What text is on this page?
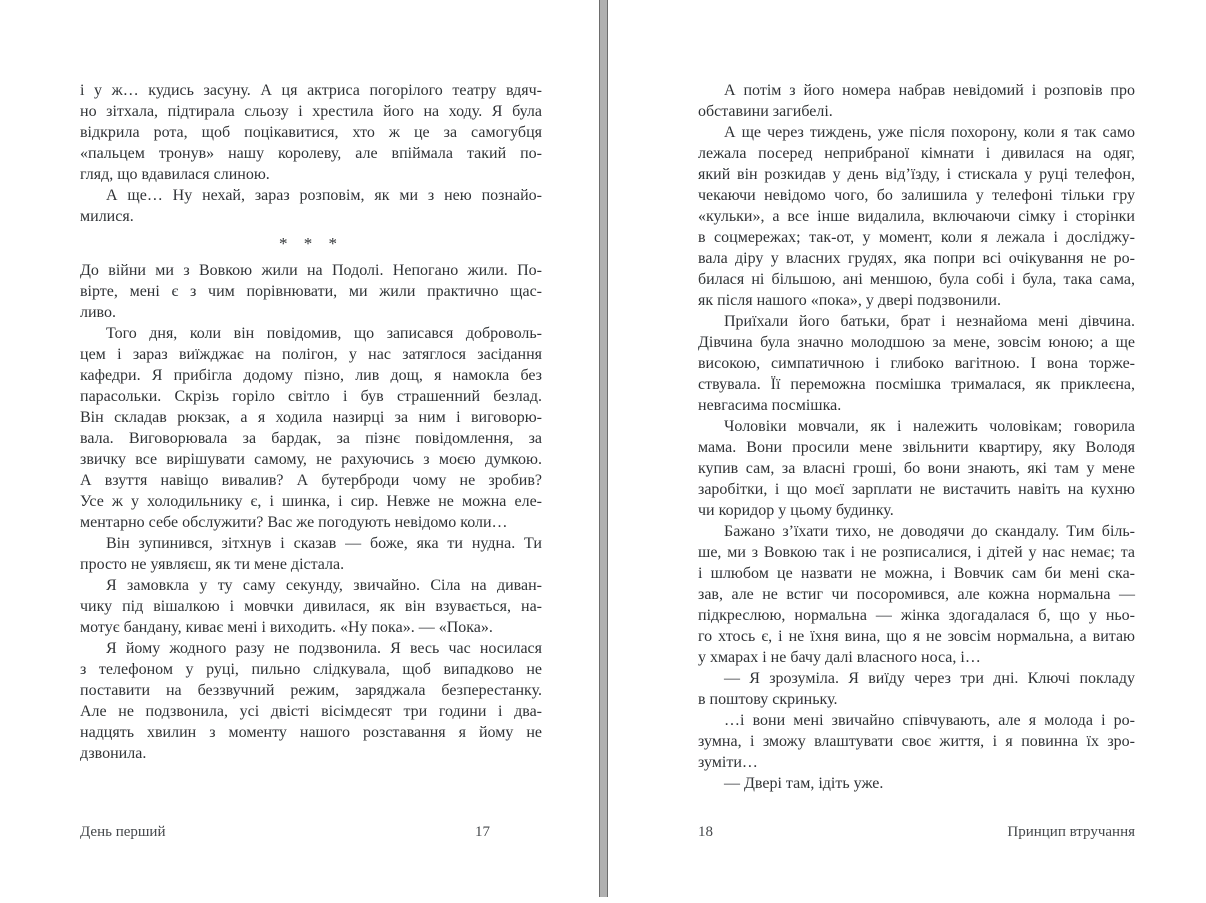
і у ж… кудись засуну. А ця актриса погорілого театру вдяч-
но зітхала, підтирала сльозу і хрестила його на ходу. Я була
відкрила рота, щоб поцікавитися, хто ж це за самогубця
«пальцем тронув» нашу королеву, але впіймала такий по-
гляд, що вдавилася слиною.
А ще… Ну нехай, зараз розповім, як ми з нею познайо-
милися.
* * *
До війни ми з Вовкою жили на Подолі. Непогано жили. По-
вірте, мені є з чим порівнювати, ми жили практично щас-
ливо.
Того дня, коли він повідомив, що записався доброволь-
цем і зараз виїжджає на полігон, у нас затяглося засідання
кафедри. Я прибігла додому пізно, лив дощ, я намокла без
парасольки. Скрізь горіло світло і був страшенний безлад.
Він складав рюкзак, а я ходила назирці за ним і виговорю-
вала. Виговорювала за бардак, за пізнє повідомлення, за
звичку все вирішувати самому, не рахуючись з моєю думкою.
А взуття навіщо вивалив? А бутерброди чому не зробив?
Усе ж у холодильнику є, і шинка, і сир. Невже не можна еле-
ментарно себе обслужити? Вас же погодують невідомо коли…
Він зупинився, зітхнув і сказав — боже, яка ти нудна. Ти
просто не уявляєш, як ти мене дістала.
Я замовкла у ту саму секунду, звичайно. Сіла на диван-
чику під вішалкою і мовчки дивилася, як він взувається, на-
мотує бандану, киває мені і виходить. «Ну пока». — «Пока».
Я йому жодного разу не подзвонила. Я весь час носилася
з телефоном у руці, пильно слідкувала, щоб випадково не
поставити на беззвучний режим, заряджала безперестанку.
Але не подзвонила, усі двісті вісімдесят три години і два-
надцять хвилин з моменту нашого розставання я йому не
дзвонила.
А потім з його номера набрав невідомий і розповів про
обставини загибелі.
А ще через тиждень, уже після похорону, коли я так само
лежала посеред неприбраної кімнати і дивилася на одяг,
який він розкидав у день від’їзду, і стискала у руці телефон,
чекаючи невідомо чого, бо залишила у телефоні тільки гру
«кульки», а все інше видалила, включаючи сімку і сторінки
в соцмережах; так-от, у момент, коли я лежала і досліджу-
вала діру у власних грудях, яка попри всі очікування не ро-
билася ні більшою, ані меншою, була собі і була, така сама,
як після нашого «пока», у двері подзвонили.
Приїхали його батьки, брат і незнайома мені дівчина.
Дівчина була значно молодшою за мене, зовсім юною; а ще
високою, симпатичною і глибоко вагітною. І вона торже-
ствувала. Її переможна посмішка трималася, як приклеєна,
невгасима посмішка.
Чоловіки мовчали, як і належить чоловікам; говорила
мама. Вони просили мене звільнити квартиру, яку Володя
купив сам, за власні гроші, бо вони знають, які там у мене
заробітки, і що моєї зарплати не вистачить навіть на кухню
чи коридор у цьому будинку.
Бажано з’їхати тихо, не доводячи до скандалу. Тим біль-
ше, ми з Вовкою так і не розписалися, і дітей у нас немає; та
і шлюбом це назвати не можна, і Вовчик сам би мені ска-
зав, але не встиг чи посоромився, але кожна нормальна —
підкреслюю, нормальна — жінка здогадалася б, що у ньо-
го хтось є, і не їхня вина, що я не зовсім нормальна, а витаю
у хмарах і не бачу далі власного носа, і…
— Я зрозуміла. Я виїду через три дні. Ключі покладу
в поштову скриньку.
…і вони мені звичайно співчувають, але я молода і ро-
зумна, і зможу влаштувати своє життя, і я повинна їх зро-
зуміти…
— Двері там, ідіть уже.
День перший	17	18	Принцип втручання
